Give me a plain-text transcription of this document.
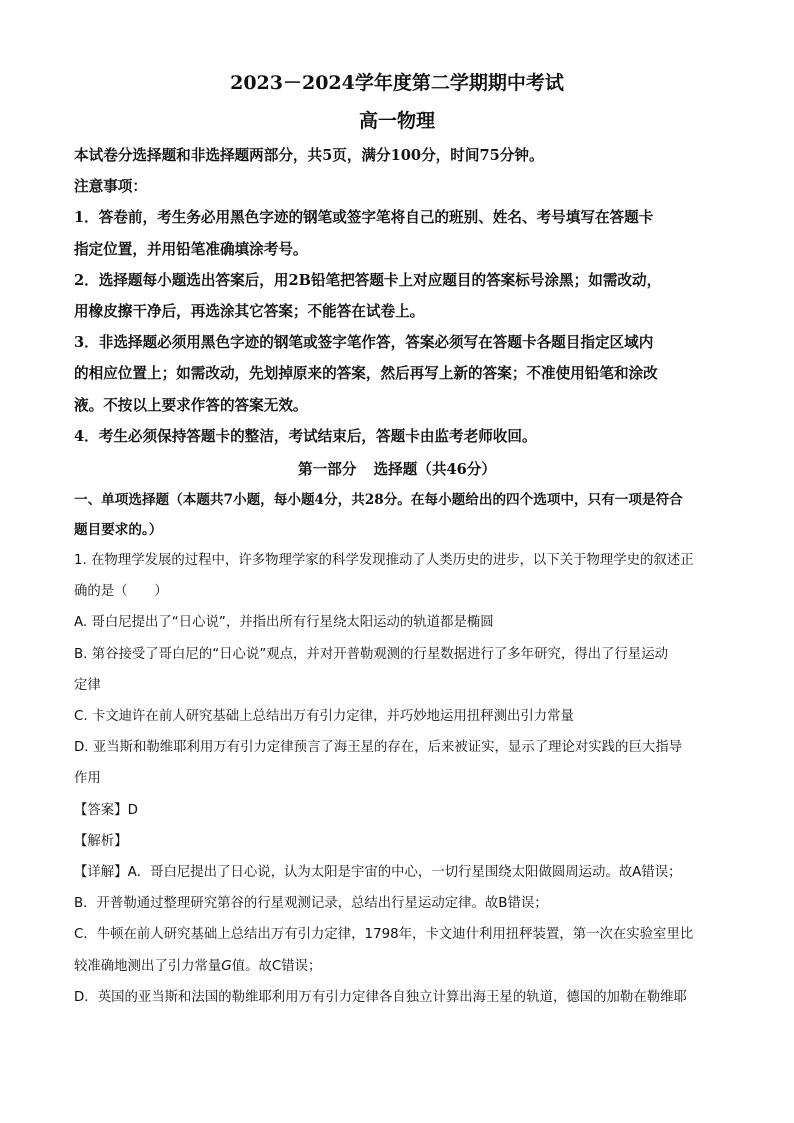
2023－2024学年度第二学期期中考试

高一物理

本试卷分选择题和非选择题两部分，共5页，满分100分，时间75分钟。

注意事项：

1．答卷前，考生务必用黑色字迹的钢笔或签字笔将自己的班别、姓名、考号填写在答题卡

指定位置，并用铅笔准确填涂考号。

2．选择题每小题选出答案后，用2B铅笔把答题卡上对应题目的答案标号涂黑；如需改动，

用橡皮擦干净后，再选涂其它答案；不能答在试卷上。

3．非选择题必须用黑色字迹的钢笔或签字笔作答，答案必须写在答题卡各题目指定区域内

的相应位置上；如需改动，先划掉原来的答案，然后再写上新的答案；不准使用铅笔和涂改

液。不按以上要求作答的答案无效。

4．考生必须保持答题卡的整洁，考试结束后，答题卡由监考老师收回。

第一部分 选择题（共46分）

一、单项选择题（本题共7小题，每小题4分，共28分。在每小题给出的四个选项中，只有一项是符合

题目要求的。）

1. 在物理学发展的过程中，许多物理学家的科学发现推动了人类历史的进步，以下关于物理学史的叙述正

确的是（　　）

A. 哥白尼提出了“日心说”，并指出所有行星绕太阳运动的轨道都是椭圆

B. 第谷接受了哥白尼的“日心说”观点，并对开普勒观测的行星数据进行了多年研究，得出了行星运动

定律

C. 卡文迪许在前人研究基础上总结出万有引力定律，并巧妙地运用扭秤测出引力常量

D. 亚当斯和勒维耶利用万有引力定律预言了海王星的存在，后来被证实，显示了理论对实践的巨大指导

作用

【 答案 】 D

【 解析 】

【详解】A．哥白尼提出了日心说，认为太阳是宇宙的中心，一切行星围绕太阳做圆周运动。故A错误；

B．开普勒通过整理研究第谷的行星观测记录，总结出行星运动定律。故B错误；

C．牛顿在前人研究基础上总结出万有引力定律，1798年，卡文迪什利用扭秤装置，第一次在实验室里比

较准确地测出了引力常量G值。故C错误；

D．英国的亚当斯和法国的勒维耶利用万有引力定律各自独立计算出海王星的轨道，德国的加勒在勒维耶
